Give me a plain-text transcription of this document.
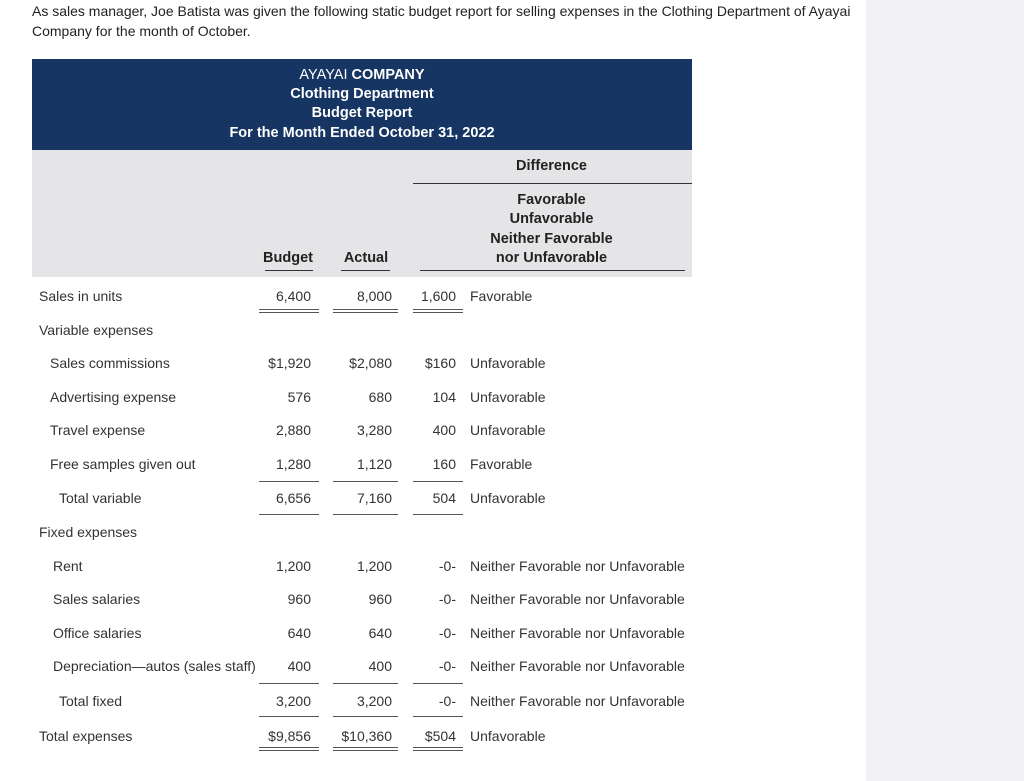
As sales manager, Joe Batista was given the following static budget report for selling expenses in the Clothing Department of Ayayai Company for the month of October.
AYAYAI COMPANY
Clothing Department
Budget Report
For the Month Ended October 31, 2022
Difference
Favorable
Unfavorable
Neither Favorable
nor Unfavorable
Budget	Actual
Sales in units	6,400	8,000	1,600 Favorable
Variable expenses
Sales commissions	$1,920	$2,080	$160 Unfavorable
Advertising expense	576	680	104 Unfavorable
Travel expense	2,880	3,280	400 Unfavorable
Free samples given out	1,280	1,120	160 Favorable
Total variable	6,656	7,160	504 Unfavorable
Fixed expenses
Rent	1,200	1,200	-0- Neither Favorable nor Unfavorable
Sales salaries	960	960	-0- Neither Favorable nor Unfavorable
Office salaries	640	640	-0- Neither Favorable nor Unfavorable
Depreciation—autos (sales staff)	400	400	-0- Neither Favorable nor Unfavorable
Total fixed	3,200	3,200	-0- Neither Favorable nor Unfavorable
Total expenses	$9,856	$10,360	$504 Unfavorable
